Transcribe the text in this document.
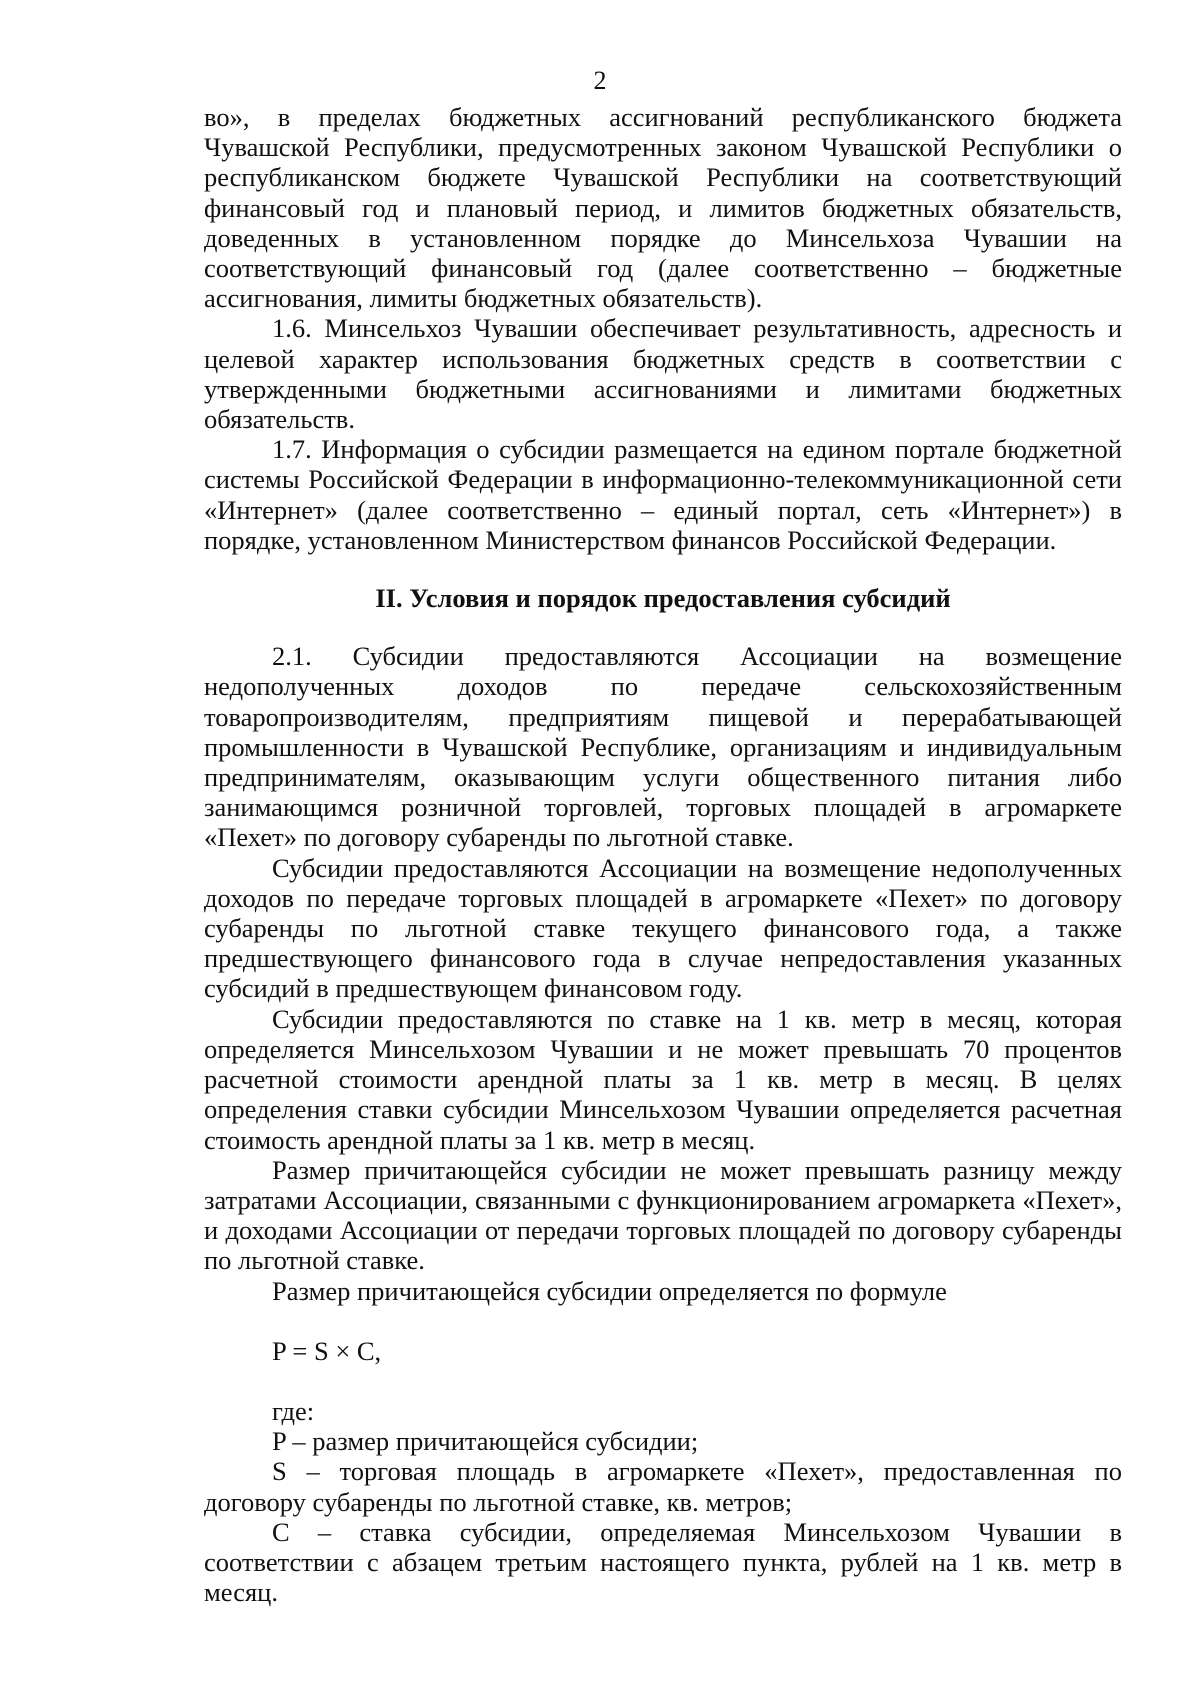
2

во», в пределах бюджетных ассигнований республиканского бюджета Чувашской Республики, предусмотренных законом Чувашской Республики о республиканском бюджете Чувашской Республики на соответствующий финансовый год и плановый период, и лимитов бюджетных обязательств, доведенных в установленном порядке до Минсельхоза Чувашии на соответствующий финансовый год (далее соответственно – бюджетные ассигнования, лимиты бюджетных обязательств).

1.6. Минсельхоз Чувашии обеспечивает результативность, адресность и целевой характер использования бюджетных средств в соответствии с утвержденными бюджетными ассигнованиями и лимитами бюджетных обязательств.

1.7. Информация о субсидии размещается на едином портале бюджетной системы Российской Федерации в информационно-телекоммуникационной сети «Интернет» (далее соответственно – единый портал, сеть «Интернет») в порядке, установленном Министерством финансов Российской Федерации.

II. Условия и порядок предоставления субсидий

2.1. Субсидии предоставляются Ассоциации на возмещение недополученных доходов по передаче сельскохозяйственным товаропроизводителям, предприятиям пищевой и перерабатывающей промышленности в Чувашской Республике, организациям и индивидуальным предпринимателям, оказывающим услуги общественного питания либо занимающимся розничной торговлей, торговых площадей в агромаркете «Пехет» по договору субаренды по льготной ставке.

Субсидии предоставляются Ассоциации на возмещение недополученных доходов по передаче торговых площадей в агромаркете «Пехет» по договору субаренды по льготной ставке текущего финансового года, а также предшествующего финансового года в случае непредоставления указанных субсидий в предшествующем финансовом году.

Субсидии предоставляются по ставке на 1 кв. метр в месяц, которая определяется Минсельхозом Чувашии и не может превышать 70 процентов расчетной стоимости арендной платы за 1 кв. метр в месяц. В целях определения ставки субсидии Минсельхозом Чувашии определяется расчетная стоимость арендной платы за 1 кв. метр в месяц.

Размер причитающейся субсидии не может превышать разницу между затратами Ассоциации, связанными с функционированием агромаркета «Пехет», и доходами Ассоциации от передачи торговых площадей по договору субаренды по льготной ставке.

Размер причитающейся субсидии определяется по формуле

P = S × C,

где:

P – размер причитающейся субсидии;

S – торговая площадь в агромаркете «Пехет», предоставленная по договору субаренды по льготной ставке, кв. метров;

C – ставка субсидии, определяемая Минсельхозом Чувашии в соответствии с абзацем третьим настоящего пункта, рублей на 1 кв. метр в месяц.
